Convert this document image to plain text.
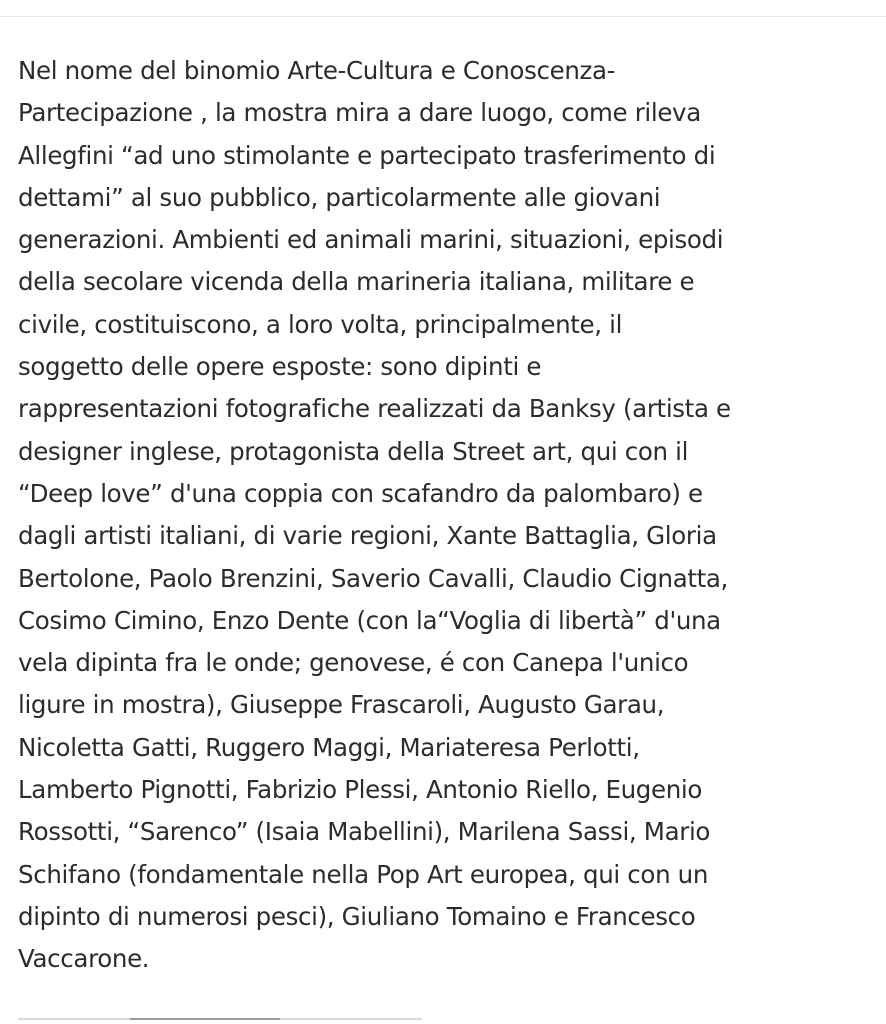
Nel nome del binomio Arte-Cultura e Conoscenza-
Partecipazione , la mostra mira a dare luogo, come rileva
Allegfini “ad uno stimolante e partecipato trasferimento di
dettami” al suo pubblico, particolarmente alle giovani
generazioni. Ambienti ed animali marini, situazioni, episodi
della secolare vicenda della marineria italiana, militare e
civile, costituiscono, a loro volta, principalmente, il
soggetto delle opere esposte: sono dipinti e
rappresentazioni fotografiche realizzati da Banksy (artista e
designer inglese, protagonista della Street art, qui con il
“Deep love” d'una coppia con scafandro da palombaro) e
dagli artisti italiani, di varie regioni, Xante Battaglia, Gloria
Bertolone, Paolo Brenzini, Saverio Cavalli, Claudio Cignatta,
Cosimo Cimino, Enzo Dente (con la“Voglia di libertà” d'una
vela dipinta fra le onde; genovese, é con Canepa l'unico
ligure in mostra), Giuseppe Frascaroli, Augusto Garau,
Nicoletta Gatti, Ruggero Maggi, Mariateresa Perlotti,
Lamberto Pignotti, Fabrizio Plessi, Antonio Riello, Eugenio
Rossotti, “Sarenco” (Isaia Mabellini), Marilena Sassi, Mario
Schifano (fondamentale nella Pop Art europea, qui con un
dipinto di numerosi pesci), Giuliano Tomaino e Francesco
Vaccarone.
